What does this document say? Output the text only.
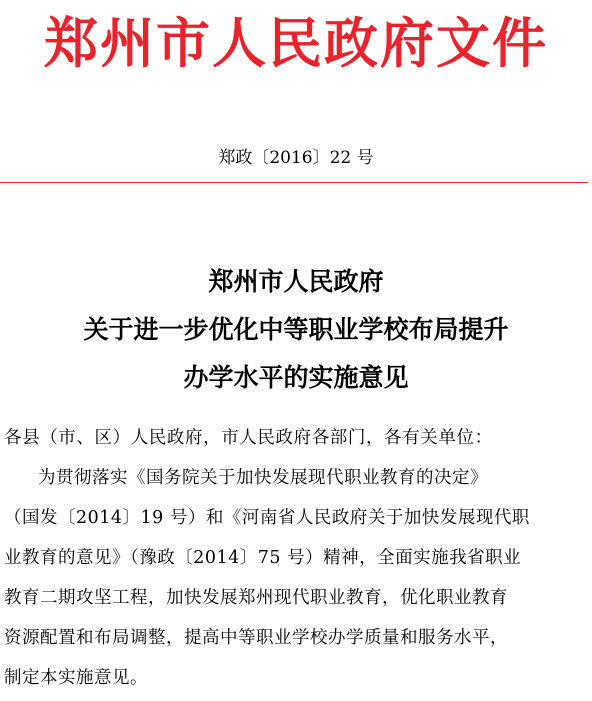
郑州市人民政府文件
郑政〔2016〕22 号
郑州市人民政府
关于进一步优化中等职业学校布局提升
办学水平的实施意见
各县（市、区）人民政府，市人民政府各部门，各有关单位：
为贯彻落实《国务院关于加快发展现代职业教育的决定》
（国发〔2014〕19 号）和《河南省人民政府关于加快发展现代职
业教育的意见》（豫政〔2014〕75 号）精神，全面实施我省职业
教育二期攻坚工程，加快发展郑州现代职业教育，优化职业教育
资源配置和布局调整，提高中等职业学校办学质量和服务水平，
制定本实施意见。
